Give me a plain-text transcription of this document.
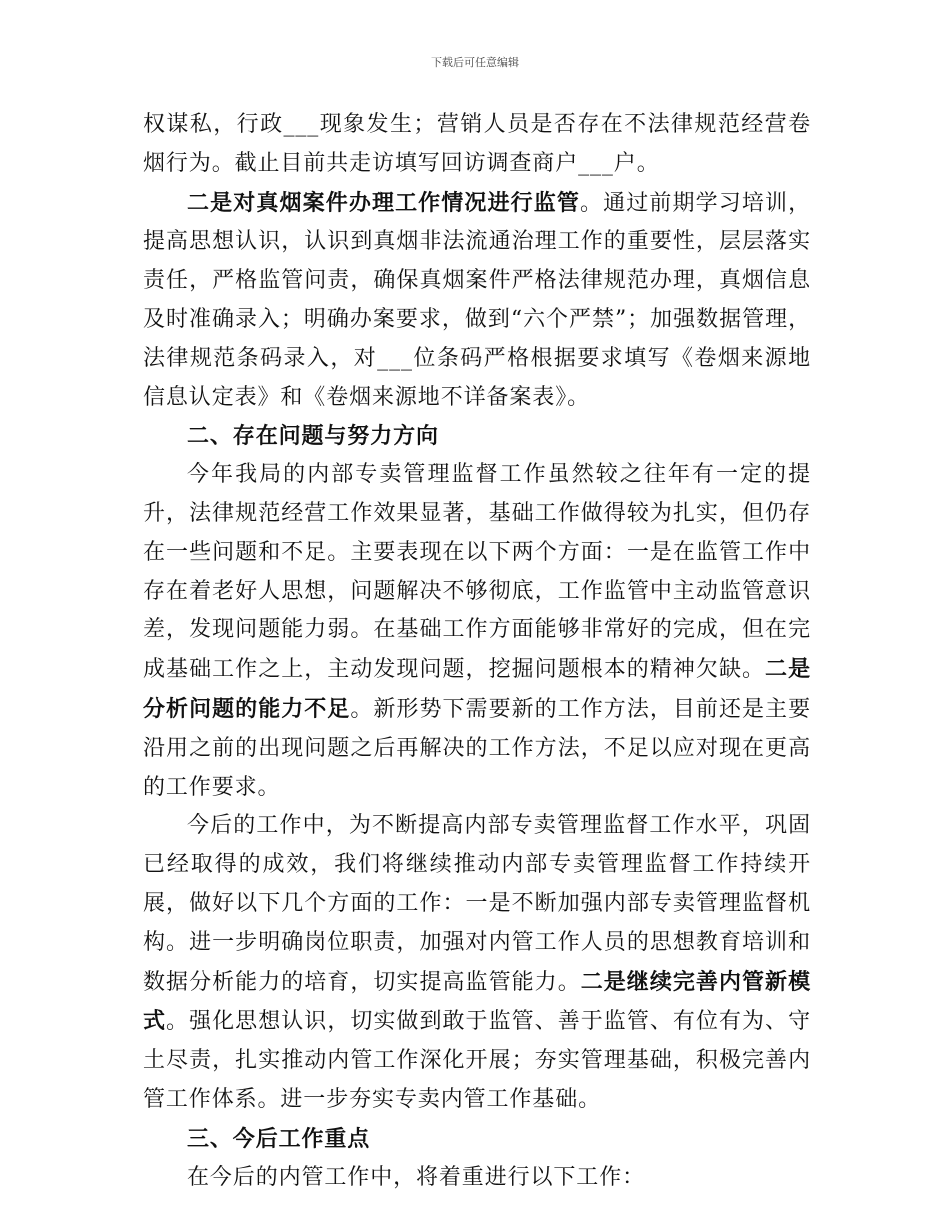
下载后可任意编辑

权谋私，行政___现象发生；营销人员是否存在不法律规范经营卷烟行为。截止目前共走访填写回访调查商户___户。

二是对真烟案件办理工作情况进行监管。通过前期学习培训，提高思想认识，认识到真烟非法流通治理工作的重要性，层层落实责任，严格监管问责，确保真烟案件严格法律规范办理，真烟信息及时准确录入；明确办案要求，做到“六个严禁”；加强数据管理，法律规范条码录入，对___位条码严格根据要求填写《卷烟来源地信息认定表》和《卷烟来源地不详备案表》。

二、存在问题与努力方向

今年我局的内部专卖管理监督工作虽然较之往年有一定的提升，法律规范经营工作效果显著，基础工作做得较为扎实，但仍存在一些问题和不足。主要表现在以下两个方面：一是在监管工作中存在着老好人思想，问题解决不够彻底，工作监管中主动监管意识差，发现问题能力弱。在基础工作方面能够非常好的完成，但在完成基础工作之上，主动发现问题，挖掘问题根本的精神欠缺。二是分析问题的能力不足。新形势下需要新的工作方法，目前还是主要沿用之前的出现问题之后再解决的工作方法，不足以应对现在更高的工作要求。

今后的工作中，为不断提高内部专卖管理监督工作水平，巩固已经取得的成效，我们将继续推动内部专卖管理监督工作持续开展，做好以下几个方面的工作：一是不断加强内部专卖管理监督机构。进一步明确岗位职责，加强对内管工作人员的思想教育培训和数据分析能力的培育，切实提高监管能力。二是继续完善内管新模式。强化思想认识，切实做到敢于监管、善于监管、有位有为、守土尽责，扎实推动内管工作深化开展；夯实管理基础，积极完善内管工作体系。进一步夯实专卖内管工作基础。

三、今后工作重点

在今后的内管工作中，将着重进行以下工作：
